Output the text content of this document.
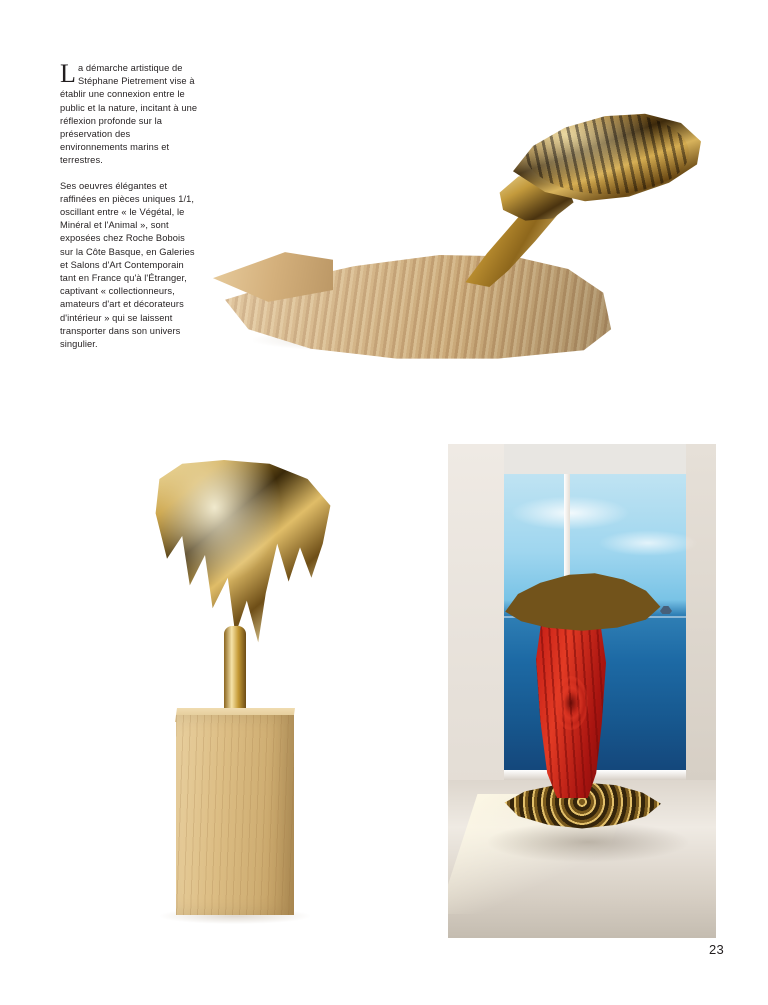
La démarche artistique de Stéphane Pietrement vise à établir une connexion entre le public et la nature, incitant à une réflexion profonde sur la préservation des environnements marins et terrestres.

Ses oeuvres élégantes et raffinées en pièces uniques 1/1, oscillant entre « le Végétal, le Minéral et l'Animal », sont exposées chez Roche Bobois sur la Côte Basque, en Galeries et Salons d'Art Contemporain tant en France qu'à l'Étranger, captivant « collectionneurs, amateurs d'art et décorateurs d'intérieur » qui se laissent transporter dans son univers singulier.

23
